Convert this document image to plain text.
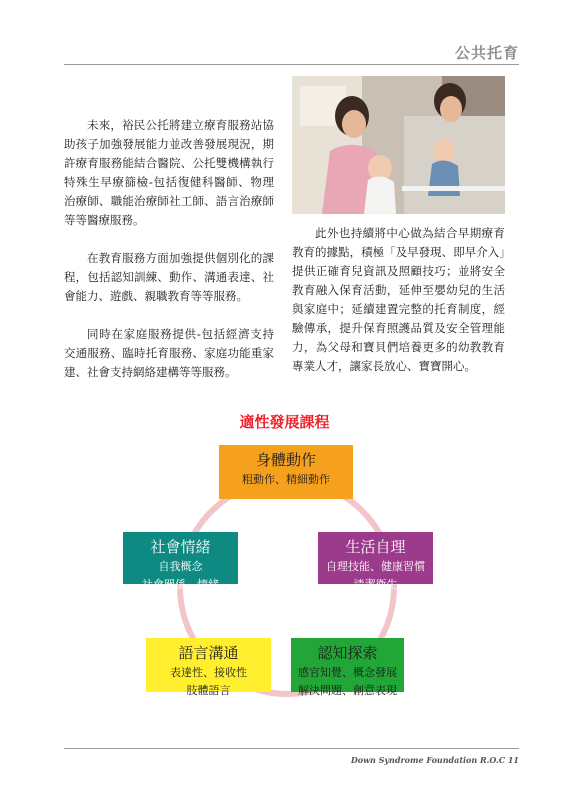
公共托育

未來，裕民公托將建立療育服務站協助孩子加強發展能力並改善發展現況，期許療育服務能結合醫院、公托雙機構執行特殊生早療篩檢-包括復健科醫師、物理治療師、職能治療師社工師、語言治療師等等醫療服務。

在教育服務方面加強提供個別化的課程，包括認知訓練、動作、溝通表達、社會能力、遊戲、親職教育等等服務。

同時在家庭服務提供-包括經濟支持交通服務、臨時托育服務、家庭功能重家建、社會支持網絡建構等等服務。

此外也持續將中心做為結合早期療育教育的據點，積極「及早發現、即早介入」提供正確育兒資訊及照顧技巧；並將安全教育融入保育活動，延伸至嬰幼兒的生活與家庭中；延續建置完整的托育制度，經驗傳承，提升保育照護品質及安全管理能力，為父母和寶貝們培養更多的幼教教育專業人才，讓家長放心、寶寶開心。

適性發展課程
身體動作
粗動作、精細動作
生活自理
自理技能、健康習慣
清潔衛生
認知探索
感官知覺、概念發展
解決問題、創意表現
語言溝通
表達性、接收性
肢體語言
社會情緒
自我概念
社會關係、情緒
Down Syndrome Foundation R.O.C 11
